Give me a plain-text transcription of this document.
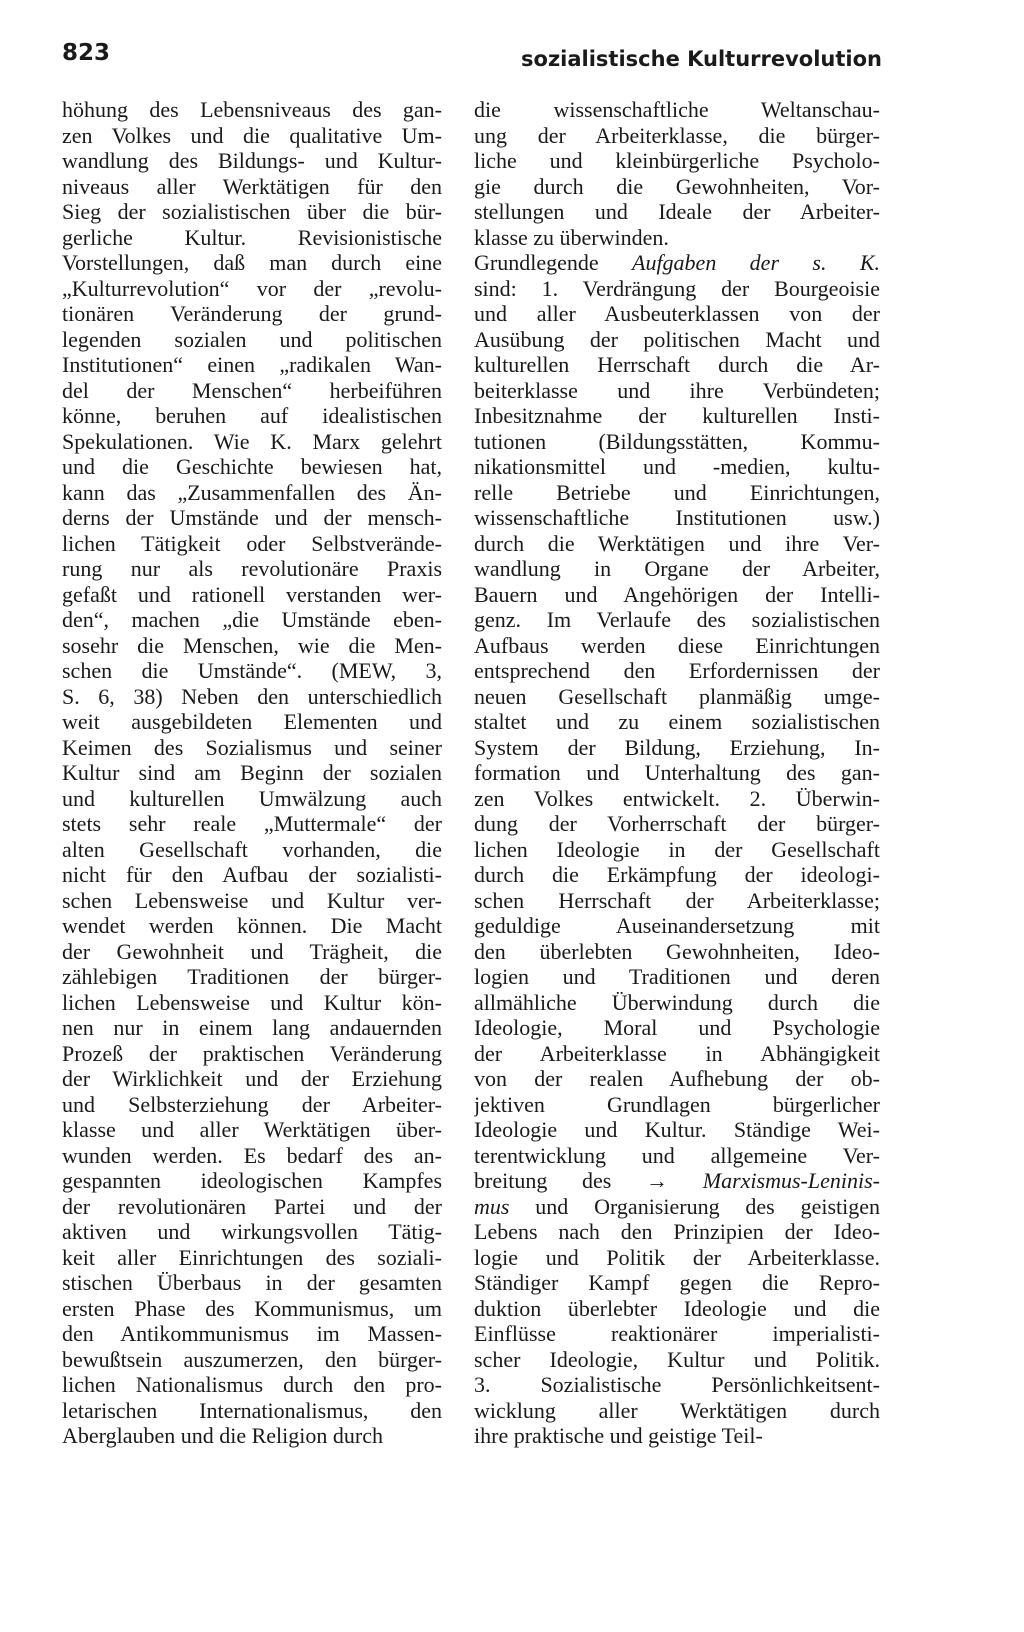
823	sozialistische Kulturrevolution
höhung des Lebensniveaus des gan-
zen Volkes und die qualitative Um-
wandlung des Bildungs- und Kultur-
niveaus aller Werktätigen für den
Sieg der sozialistischen über die bür-
gerliche Kultur. Revisionistische
Vorstellungen, daß man durch eine
„Kulturrevolution“ vor der „revolu-
tionären Veränderung der grund-
legenden sozialen und politischen
Institutionen“ einen „radikalen Wan-
del der Menschen“ herbeiführen
könne, beruhen auf idealistischen
Spekulationen. Wie K. Marx gelehrt
und die Geschichte bewiesen hat,
kann das „Zusammenfallen des Än-
derns der Umstände und der mensch-
lichen Tätigkeit oder Selbstverände-
rung nur als revolutionäre Praxis
gefaßt und rationell verstanden wer-
den“, machen „die Umstände eben-
sosehr die Menschen, wie die Men-
schen die Umstände“. (MEW, 3,
S. 6, 38) Neben den unterschiedlich
weit ausgebildeten Elementen und
Keimen des Sozialismus und seiner
Kultur sind am Beginn der sozialen
und kulturellen Umwälzung auch
stets sehr reale „Muttermale“ der
alten Gesellschaft vorhanden, die
nicht für den Aufbau der sozialisti-
schen Lebensweise und Kultur ver-
wendet werden können. Die Macht
der Gewohnheit und Trägheit, die
zählebigen Traditionen der bürger-
lichen Lebensweise und Kultur kön-
nen nur in einem lang andauernden
Prozeß der praktischen Veränderung
der Wirklichkeit und der Erziehung
und Selbsterziehung der Arbeiter-
klasse und aller Werktätigen über-
wunden werden. Es bedarf des an-
gespannten ideologischen Kampfes
der revolutionären Partei und der
aktiven und wirkungsvollen Tätig-
keit aller Einrichtungen des soziali-
stischen Überbaus in der gesamten
ersten Phase des Kommunismus, um
den Antikommunismus im Massen-
bewußtsein auszumerzen, den bürger-
lichen Nationalismus durch den pro-
letarischen Internationalismus, den
Aberglauben und die Religion durch
die wissenschaftliche Weltanschau-
ung der Arbeiterklasse, die bürger-
liche und kleinbürgerliche Psycholo-
gie durch die Gewohnheiten, Vor-
stellungen und Ideale der Arbeiter-
klasse zu überwinden.
Grundlegende Aufgaben der s. K.
sind: 1. Verdrängung der Bourgeoisie
und aller Ausbeuterklassen von der
Ausübung der politischen Macht und
kulturellen Herrschaft durch die Ar-
beiterklasse und ihre Verbündeten;
Inbesitznahme der kulturellen Insti-
tutionen (Bildungsstätten, Kommu-
nikationsmittel und -medien, kultu-
relle Betriebe und Einrichtungen,
wissenschaftliche Institutionen usw.)
durch die Werktätigen und ihre Ver-
wandlung in Organe der Arbeiter,
Bauern und Angehörigen der Intelli-
genz. Im Verlaufe des sozialistischen
Aufbaus werden diese Einrichtungen
entsprechend den Erfordernissen der
neuen Gesellschaft planmäßig umge-
staltet und zu einem sozialistischen
System der Bildung, Erziehung, In-
formation und Unterhaltung des gan-
zen Volkes entwickelt. 2. Überwin-
dung der Vorherrschaft der bürger-
lichen Ideologie in der Gesellschaft
durch die Erkämpfung der ideologi-
schen Herrschaft der Arbeiterklasse;
geduldige Auseinandersetzung mit
den überlebten Gewohnheiten, Ideo-
logien und Traditionen und deren
allmähliche Überwindung durch die
Ideologie, Moral und Psychologie
der Arbeiterklasse in Abhängigkeit
von der realen Aufhebung der ob-
jektiven Grundlagen bürgerlicher
Ideologie und Kultur. Ständige Wei-
terentwicklung und allgemeine Ver-
breitung des → Marxismus-Leninis-
mus und Organisierung des geistigen
Lebens nach den Prinzipien der Ideo-
logie und Politik der Arbeiterklasse.
Ständiger Kampf gegen die Repro-
duktion überlebter Ideologie und die
Einflüsse reaktionärer imperialisti-
scher Ideologie, Kultur und Politik.
3. Sozialistische Persönlichkeitsent-
wicklung aller Werktätigen durch
ihre praktische und geistige Teil-
